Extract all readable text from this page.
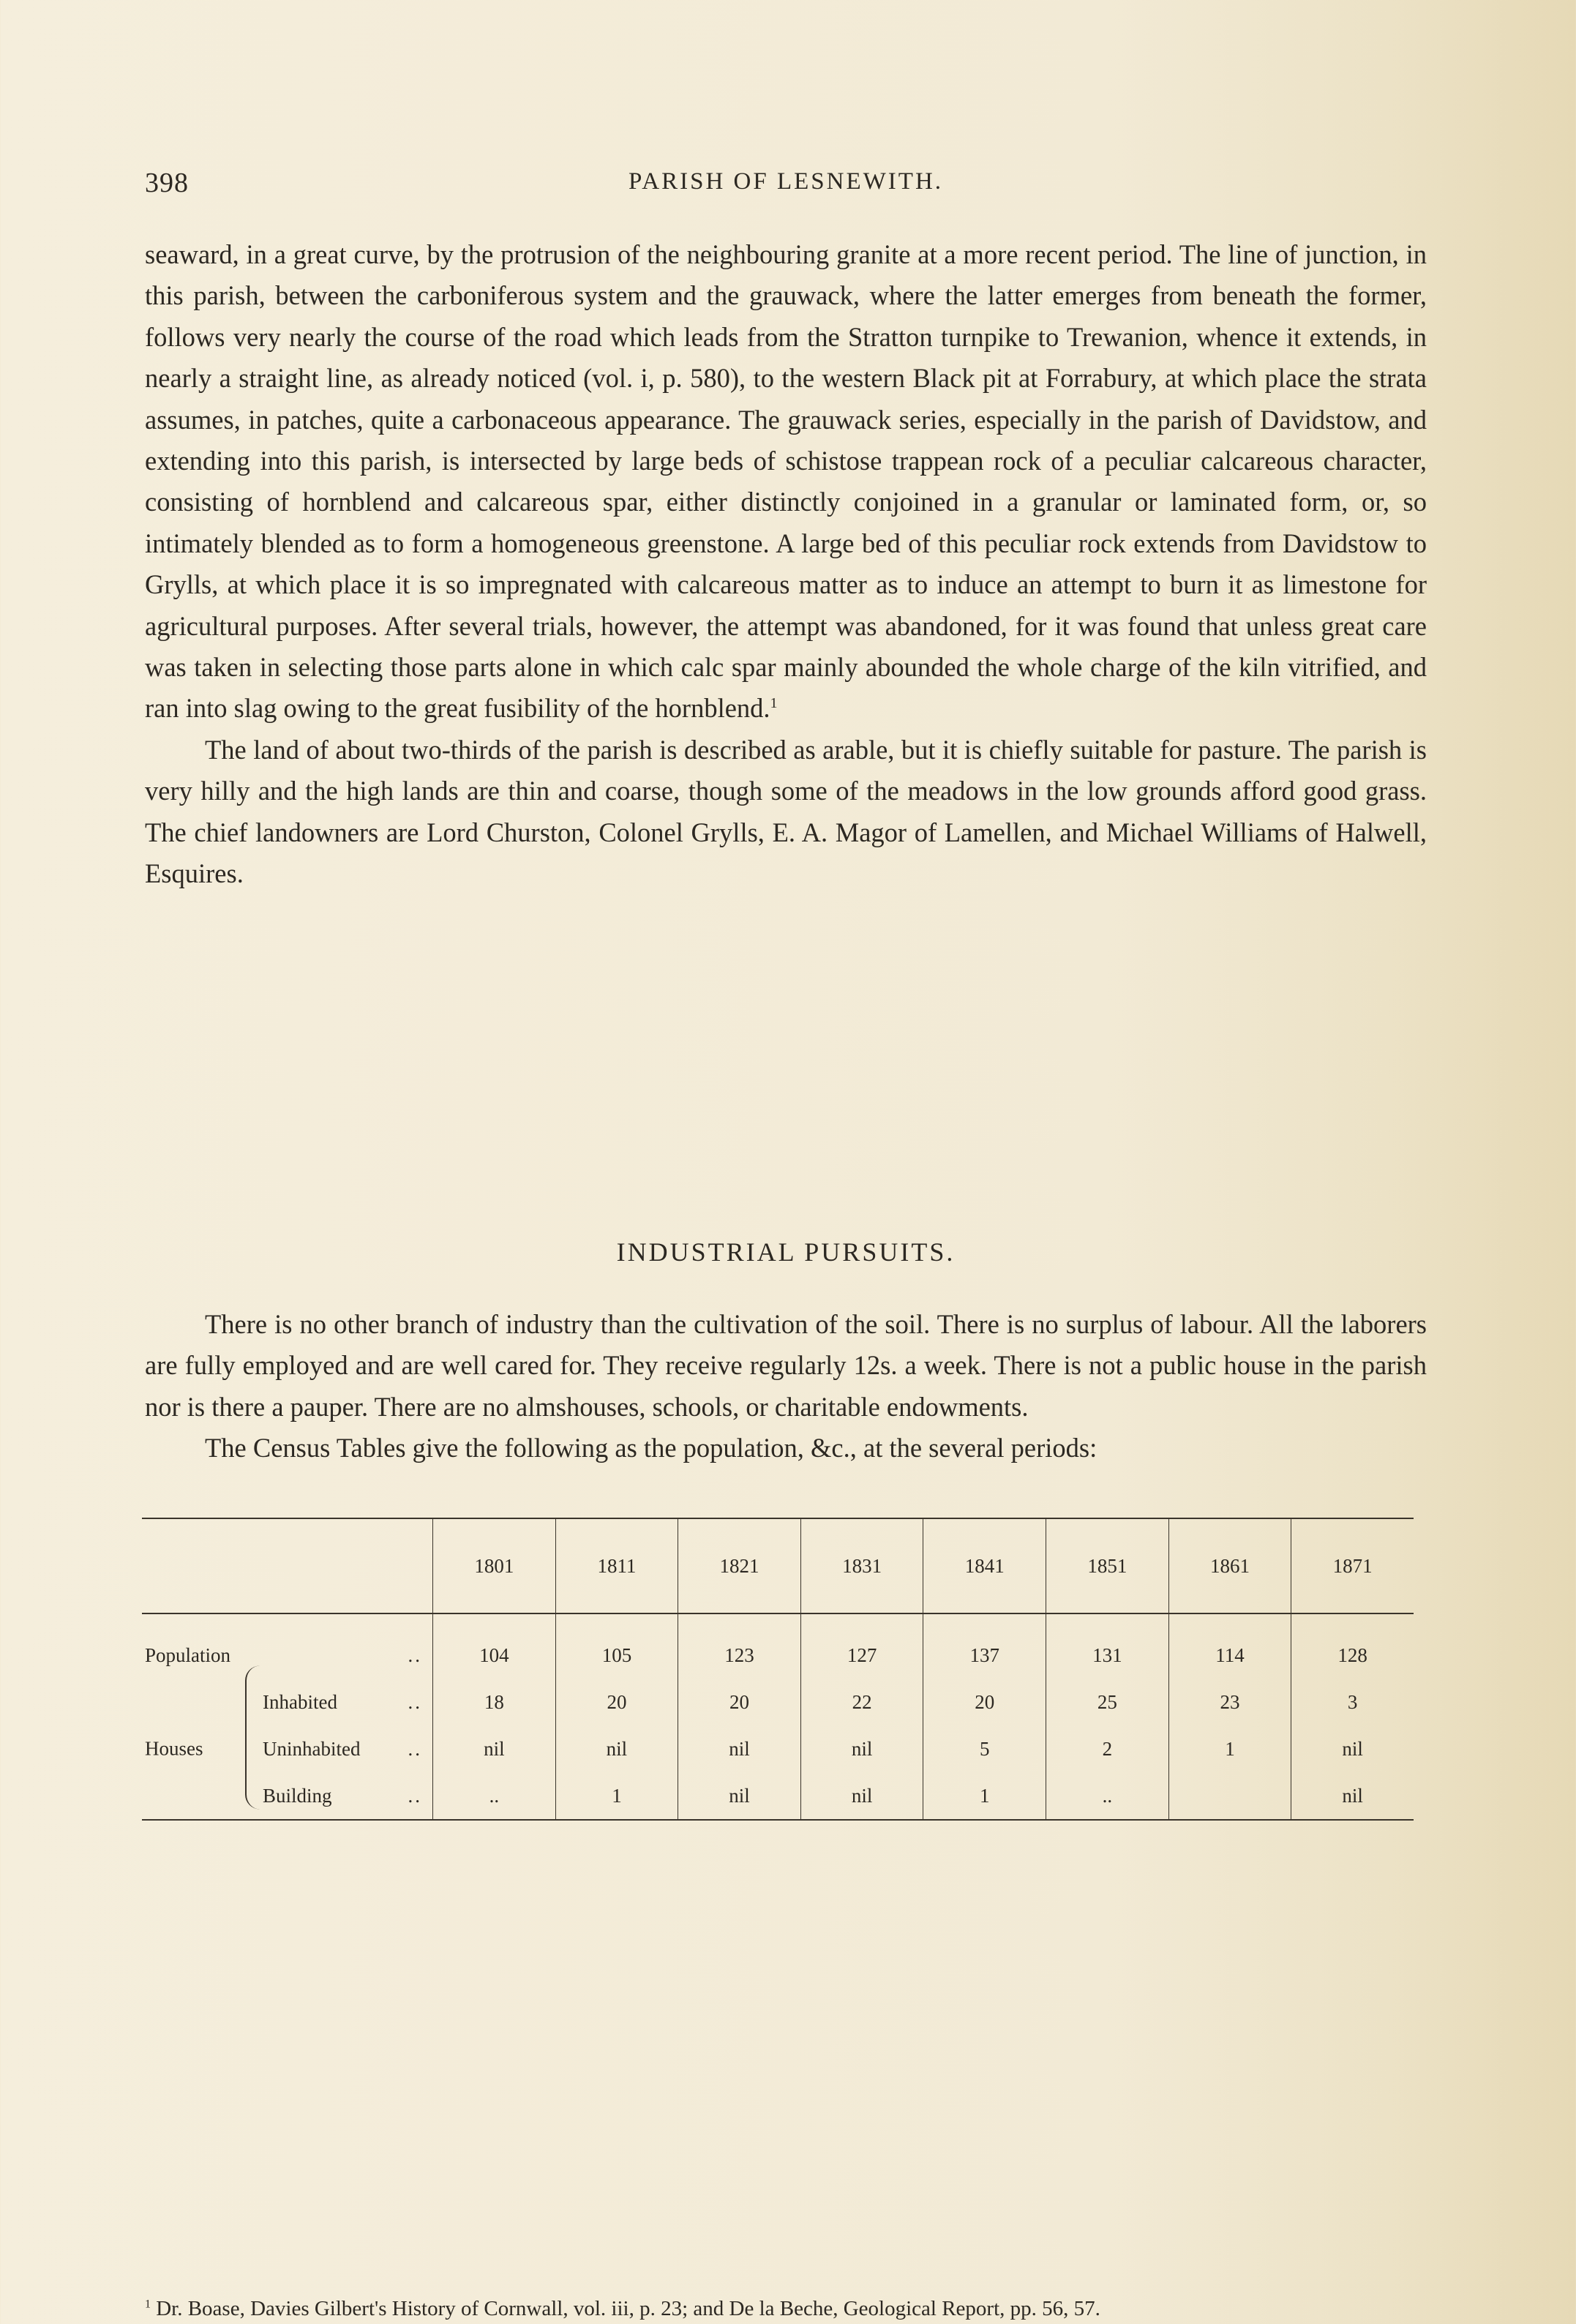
398	PARISH OF LESNEWITH.

seaward, in a great curve, by the protrusion of the neighbouring granite at a more recent period. The line of junction, in this parish, between the carboniferous system and the grauwack, where the latter emerges from beneath the former, follows very nearly the course of the road which leads from the Stratton turnpike to Trewanion, whence it extends, in nearly a straight line, as already noticed (vol. i, p. 580), to the western Black pit at Forrabury, at which place the strata assumes, in patches, quite a carbonaceous appearance. The grauwack series, especially in the parish of Davidstow, and extending into this parish, is intersected by large beds of schistose trappean rock of a peculiar calcareous character, consisting of hornblend and calcareous spar, either distinctly conjoined in a granular or laminated form, or, so intimately blended as to form a homogeneous greenstone. A large bed of this peculiar rock extends from Davidstow to Grylls, at which place it is so impregnated with calcareous matter as to induce an attempt to burn it as limestone for agricultural purposes. After several trials, however, the attempt was abandoned, for it was found that unless great care was taken in selecting those parts alone in which calc spar mainly abounded the whole charge of the kiln vitrified, and ran into slag owing to the great fusibility of the hornblend.$^1$

The land of about two-thirds of the parish is described as arable, but it is chiefly suitable for pasture. The parish is very hilly and the high lands are thin and coarse, though some of the meadows in the low grounds afford good grass. The chief landowners are Lord Churston, Colonel Grylls, E. A. Magor of Lamellen, and Michael Williams of Halwell, Esquires.

INDUSTRIAL PURSUITS.

There is no other branch of industry than the cultivation of the soil. There is no surplus of labour. All the laborers are fully employed and are well cared for. They receive regularly 12s. a week. There is not a public house in the parish nor is there a pauper. There are no almshouses, schools, or charitable endowments.

The Census Tables give the following as the population, &c., at the several periods:

	1801	1811	1821	1831	1841	1851	1861	1871
Population ..	104	105	123	127	137	131	114	128
Inhabited ..	18	20	20	22	20	25	23	3

Houses Uninhabited ..	nil	nil	nil	nil	5	2	1	nil
Building ..	..	1	nil	nil	1	..		nil
$^1$ Dr. Boase, Davies Gilbert's History of Cornwall, vol. iii, p. 23; and De la Beche, Geological Report, pp. 56, 57.
